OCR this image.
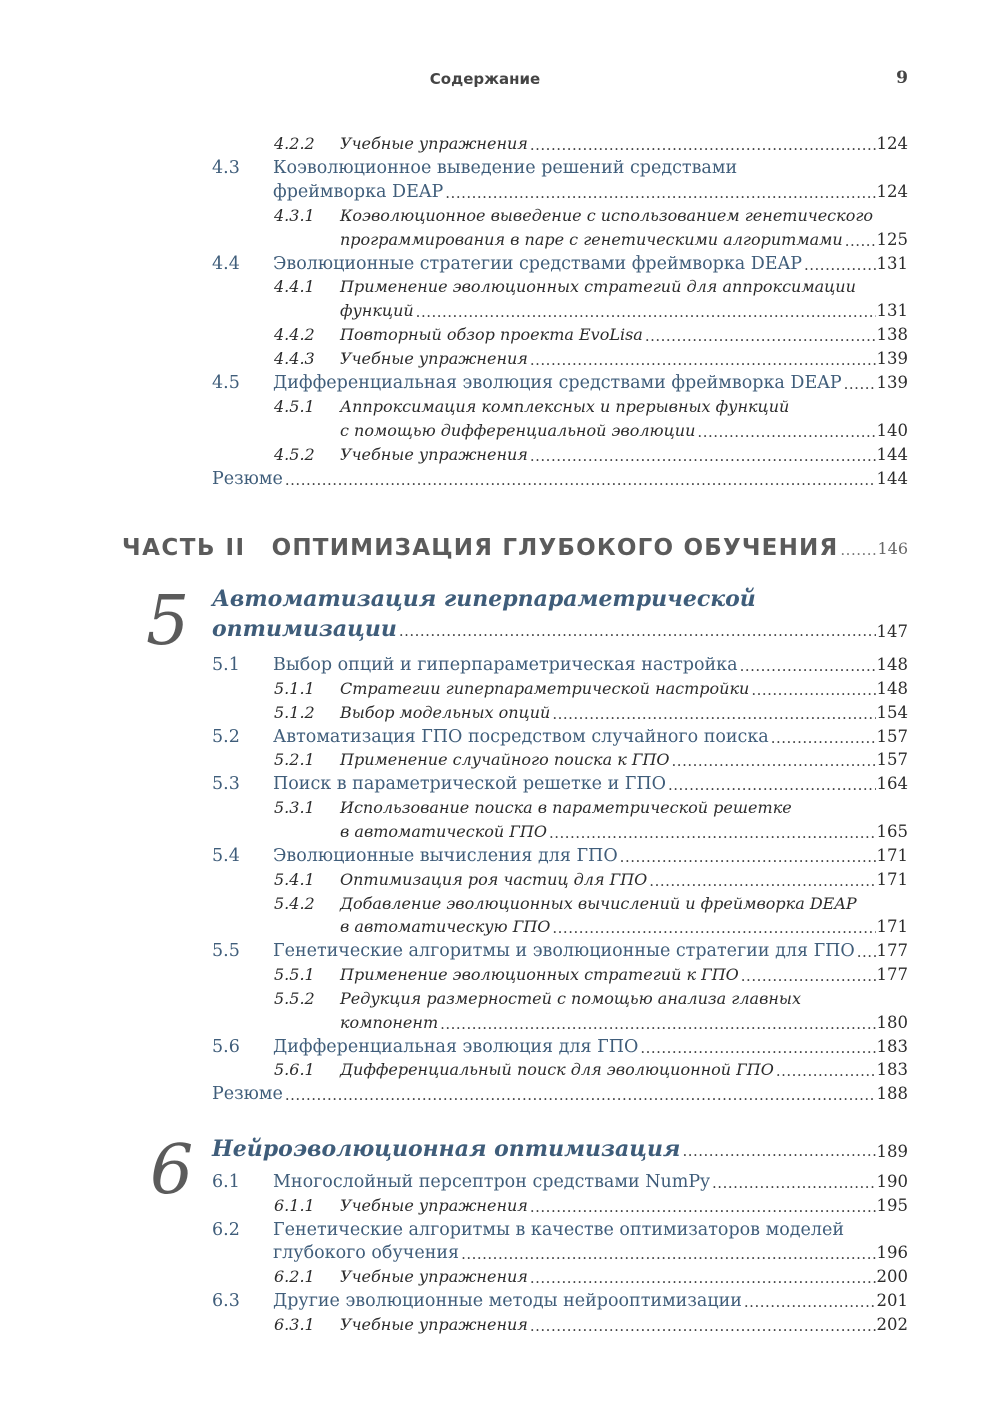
Содержание	9
4.2.2 Учебные упражнения .....	124
4.3 Коэволюционное выведение решений средствами
фреймворка DEAP .....	124
4.3.1 Коэволюционное выведение с использованием генетического
программирования в паре с генетическими алгоритмами ..... 125
4.4 Эволюционные стратегии средствами фреймворка DEAP .....	131
4.4.1 Применение эволюционных стратегий для аппроксимации
функций .....	131
4.4.2 Повторный обзор проекта EvoLisa .....	138
4.4.3 Учебные упражнения .....	139
4.5 Дифференциальная эволюция средствами фреймворка DEAP ..... 139
4.5.1 Аппроксимация комплексных и прерывных функций
с помощью дифференциальной эволюции .....	140
4.5.2 Учебные упражнения .....	144
Резюме .....	144
ЧАСТЬ II ОПТИМИЗАЦИЯ ГЛУБОКОГО ОБУЧЕНИЯ ..... 146
5 Автоматизация гиперпараметрической
оптимизации .....	147
5.1 Выбор опций и гиперпараметрическая настройка .....	148
5.1.1 Стратегии гиперпараметрической настройки .....	148
5.1.2 Выбор модельных опций .....	154
5.2 Автоматизация ГПО посредством случайного поиска .....	157
5.2.1 Применение случайного поиска к ГПО .....	157
5.3 Поиск в параметрической решетке и ГПО .....	164
5.3.1 Использование поиска в параметрической решетке
в автоматической ГПО .....	165
5.4 Эволюционные вычисления для ГПО .....	171
5.4.1 Оптимизация роя частиц для ГПО .....	171
5.4.2 Добавление эволюционных вычислений и фреймворка DEAP
в автоматическую ГПО .....	171
5.5 Генетические алгоритмы и эволюционные стратегии для ГПО ..... 177
5.5.1 Применение эволюционных стратегий к ГПО .....	177
5.5.2 Редукция размерностей с помощью анализа главных
компонент .....	180
5.6 Дифференциальная эволюция для ГПО .....	183
5.6.1 Дифференциальный поиск для эволюционной ГПО .....	183
Резюме .....	188
6 Нейроэволюционная оптимизация .....	189
6.1 Многослойный персептрон средствами NumPy .....	190
6.1.1 Учебные упражнения .....	195
6.2 Генетические алгоритмы в качестве оптимизаторов моделей
глубокого обучения .....	196
6.2.1 Учебные упражнения .....	200
6.3 Другие эволюционные методы нейрооптимизации .....	201
6.3.1 Учебные упражнения .....	202
